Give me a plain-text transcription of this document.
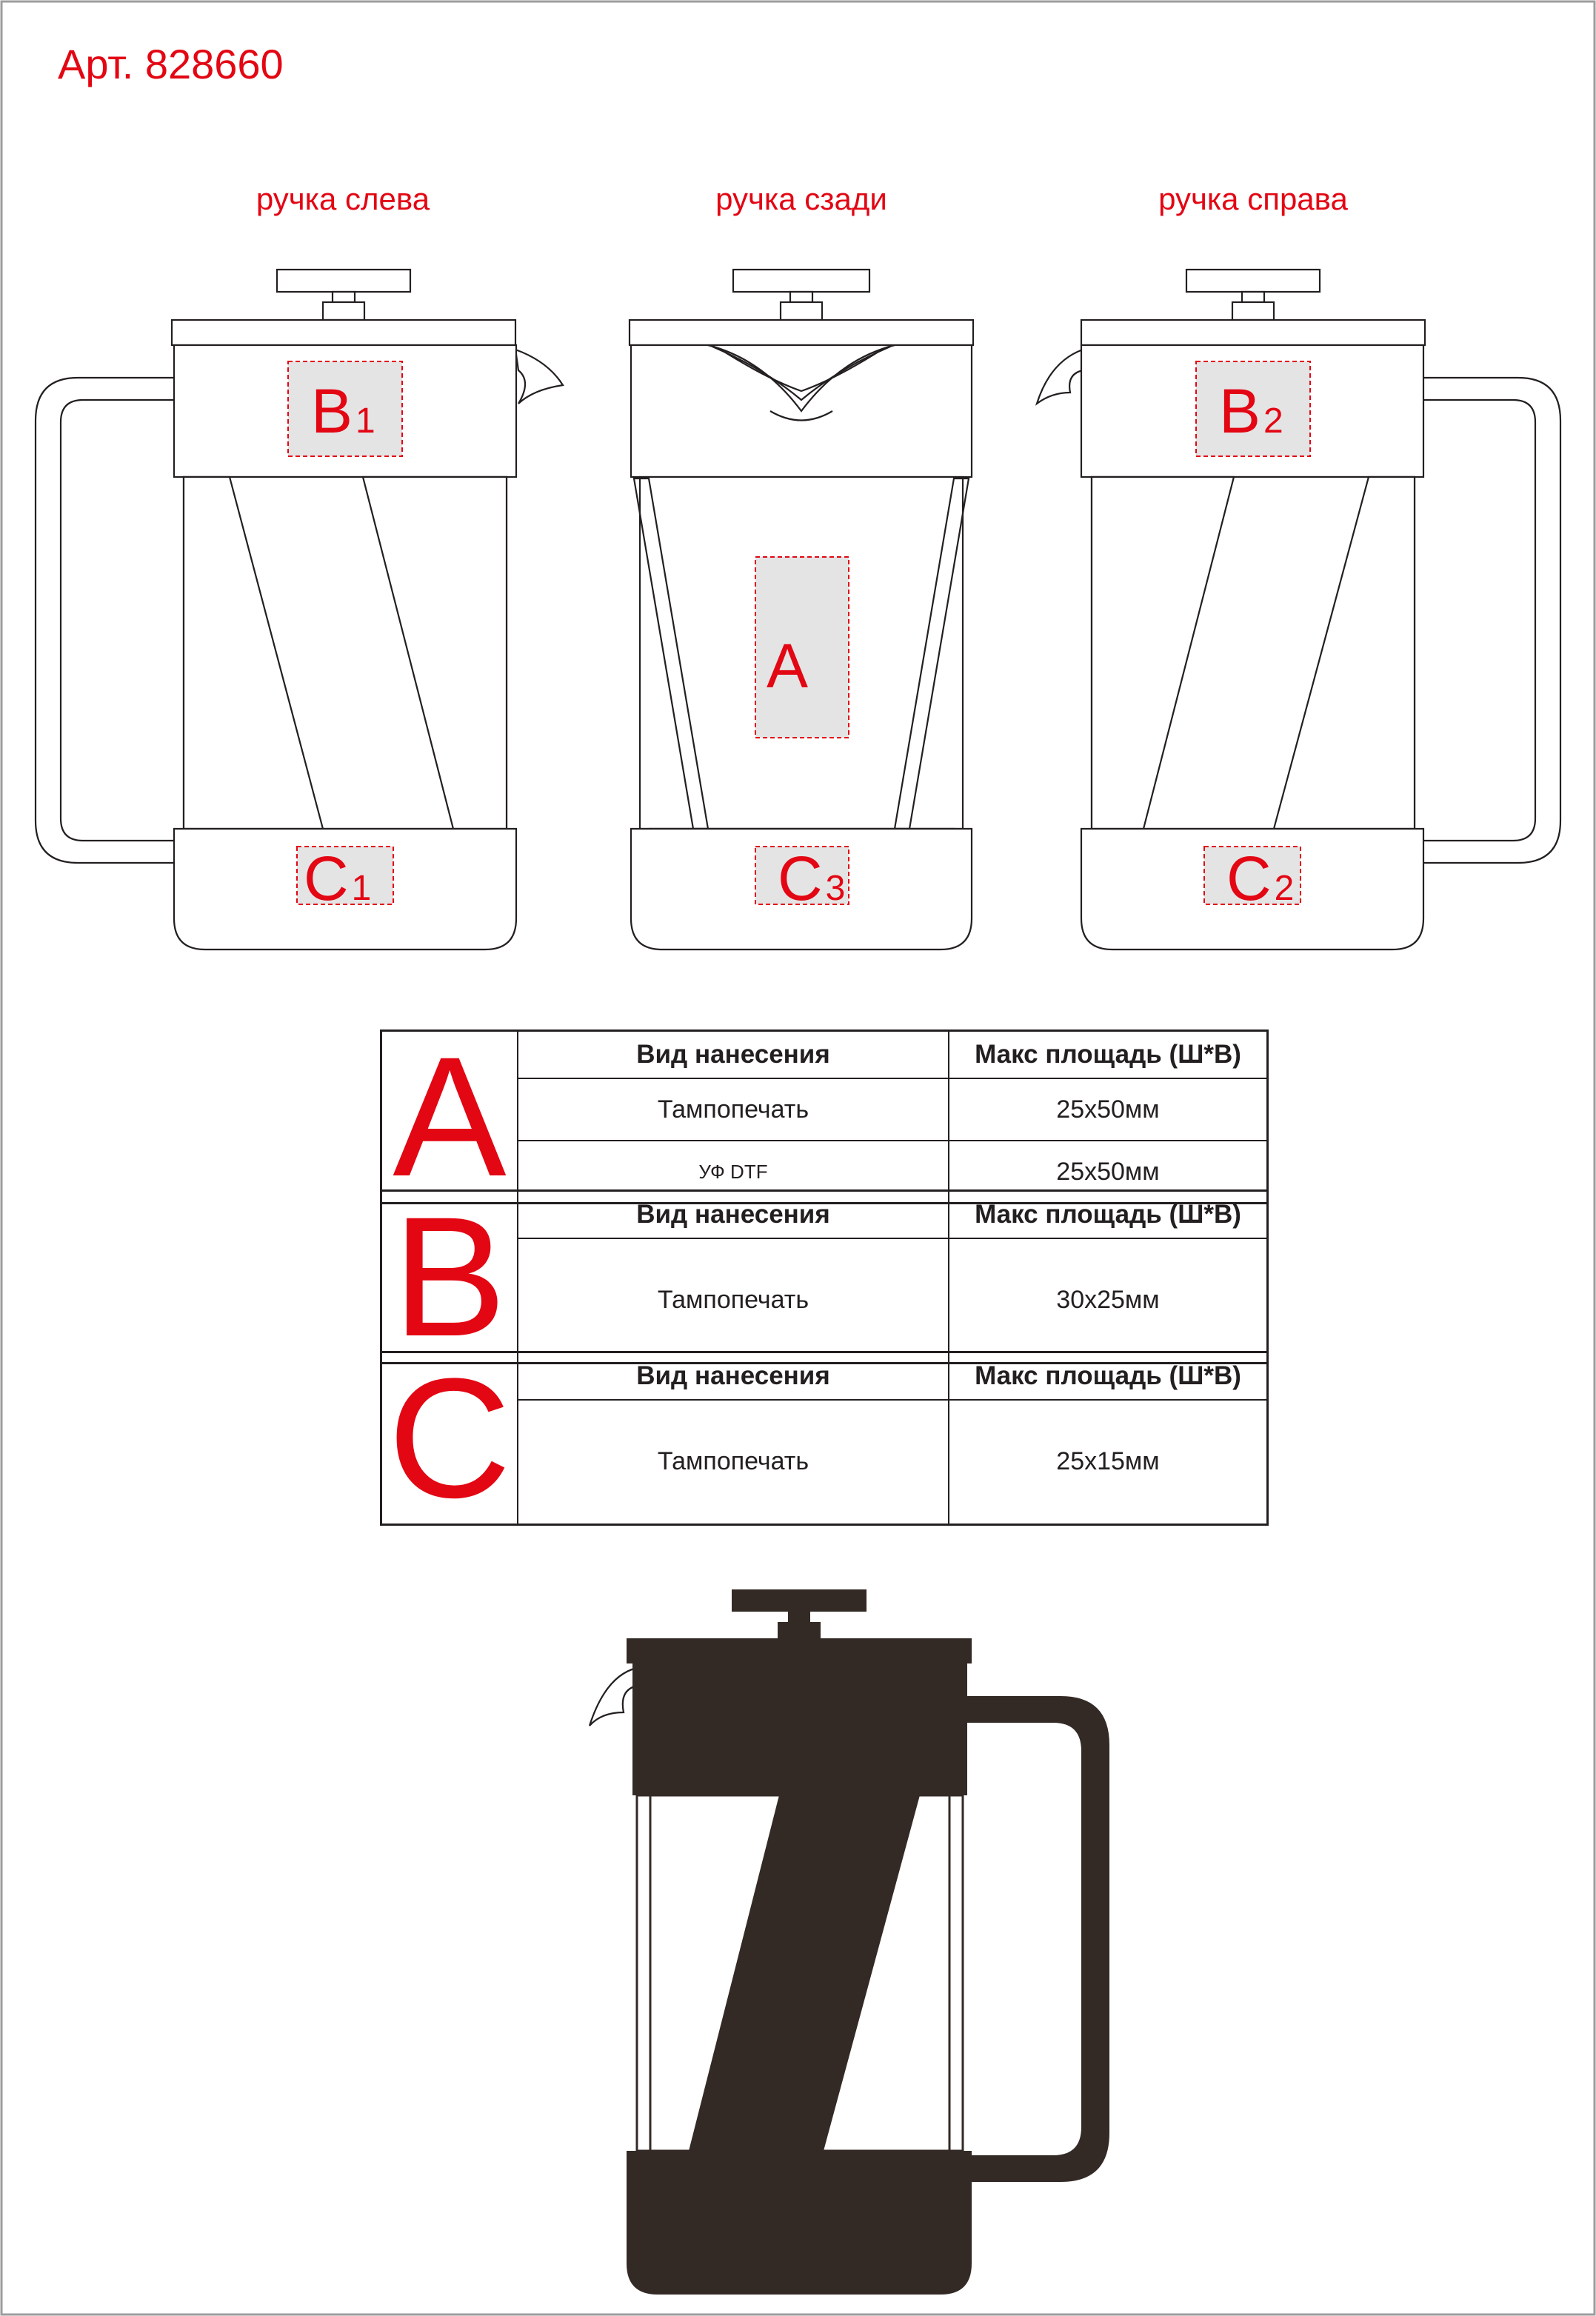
Арт. 828660
ручка слева	ручка сзади	ручка справа
B1
C1
A
C3
B2
C2
A	Вид нанесения	Макс площадь (Ш*В)
	Тампопечать	25х50мм
	УФ DTF	25х50мм
B	Вид нанесения	Макс площадь (Ш*В)
	Тампопечать	30х25мм
C	Вид нанесения	Макс площадь (Ш*В)
	Тампопечать	25х15мм
